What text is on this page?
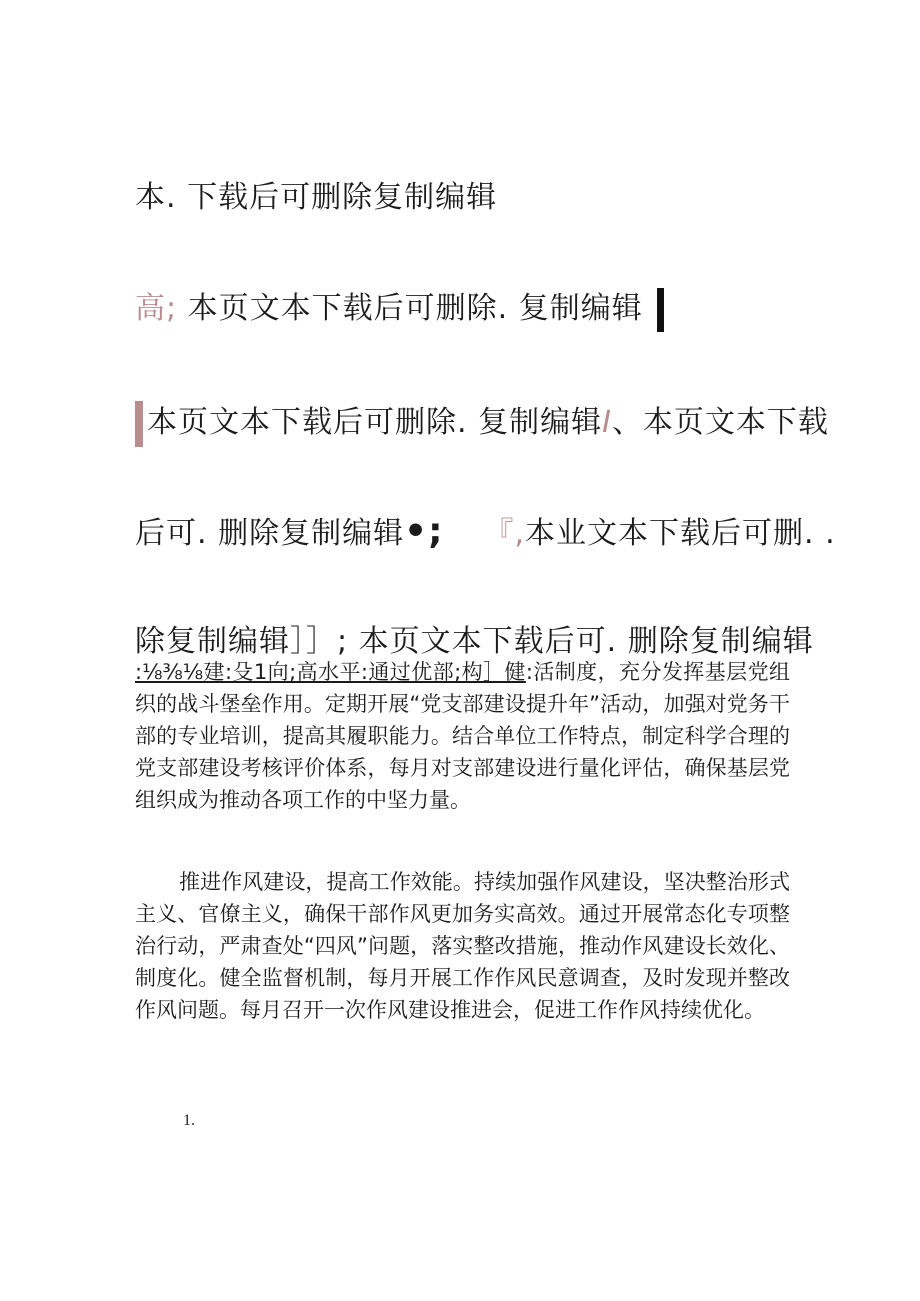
本. 下载后可删除复制编辑
高; 本页文本下载后可删除. 复制编辑
本页文本下载后可删除. 复制编辑I、本页文本下载
后可. 删除复制编辑•; 『,本业文本下载后可删. .
除复制编辑］］; 本页文本下载后可. 删除复制编辑
:⅛⅜⅛建:殳1向;高水平:通过优部;构］健:活制度，充分发挥基层党组织的战斗堡垒作用。定期开展“党支部建设提升年”活动，加强对党务干部的专业培训，提高其履职能力。结合单位工作特点，制定科学合理的党支部建设考核评价体系，每月对支部建设进行量化评估，确保基层党组织成为推动各项工作的中坚力量。
推进作风建设，提高工作效能。持续加强作风建设，坚决整治形式主义、官僚主义，确保干部作风更加务实高效。通过开展常态化专项整治行动，严肃查处“四风”问题，落实整改措施，推动作风建设长效化、制度化。健全监督机制，每月开展工作作风民意调查，及时发现并整改作风问题。每月召开一次作风建设推进会，促进工作作风持续优化。
1.
